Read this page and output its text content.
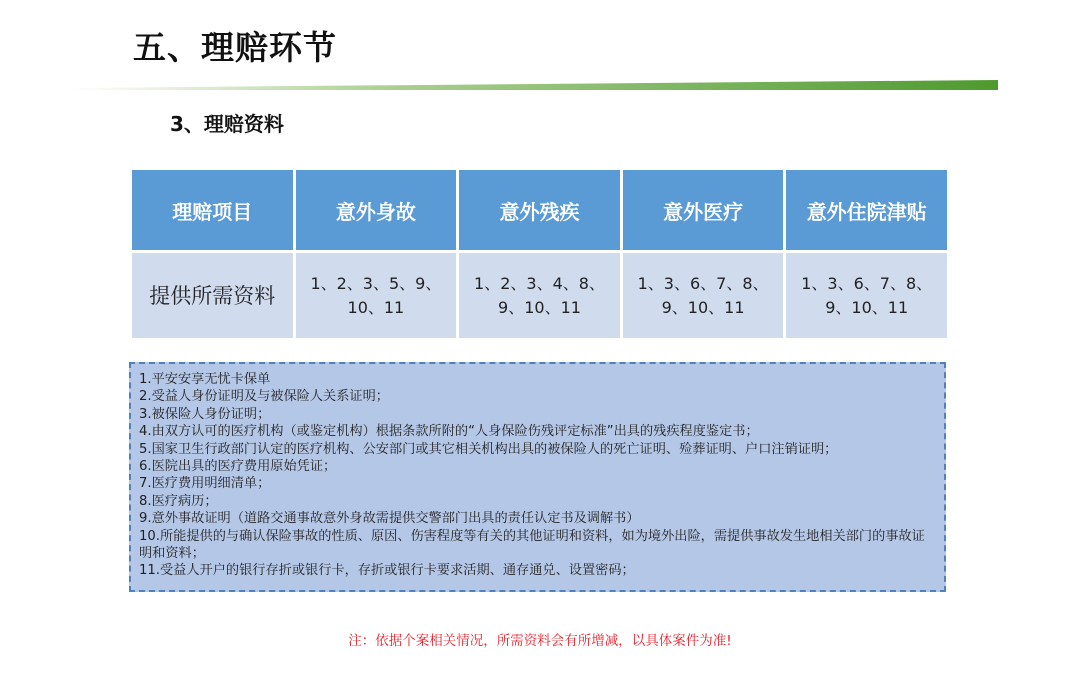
五、理赔环节
3、理赔资料
理赔项目	意外身故	意外残疾	意外医疗	意外住院津贴
提供所需资料	1、2、3、5、9、10、11	1、2、3、4、8、9、10、11	1、3、6、7、8、9、10、11	1、3、6、7、8、9、10、11
1.平安安享无忧卡保单
2.受益人身份证明及与被保险人关系证明；
3.被保险人身份证明；
4.由双方认可的医疗机构（或鉴定机构）根据条款所附的“人身保险伤残评定标准”出具的残疾程度鉴定书；
5.国家卫生行政部门认定的医疗机构、公安部门或其它相关机构出具的被保险人的死亡证明、殓葬证明、户口注销证明；
6.医院出具的医疗费用原始凭证；
7.医疗费用明细清单；
8.医疗病历；
9.意外事故证明（道路交通事故意外身故需提供交警部门出具的责任认定书及调解书）
10.所能提供的与确认保险事故的性质、原因、伤害程度等有关的其他证明和资料，如为境外出险，需提供事故发生地相关部门的事故证明和资料；
11.受益人开户的银行存折或银行卡，存折或银行卡要求活期、通存通兑、设置密码；
注：依据个案相关情况，所需资料会有所增减，以具体案件为准!
